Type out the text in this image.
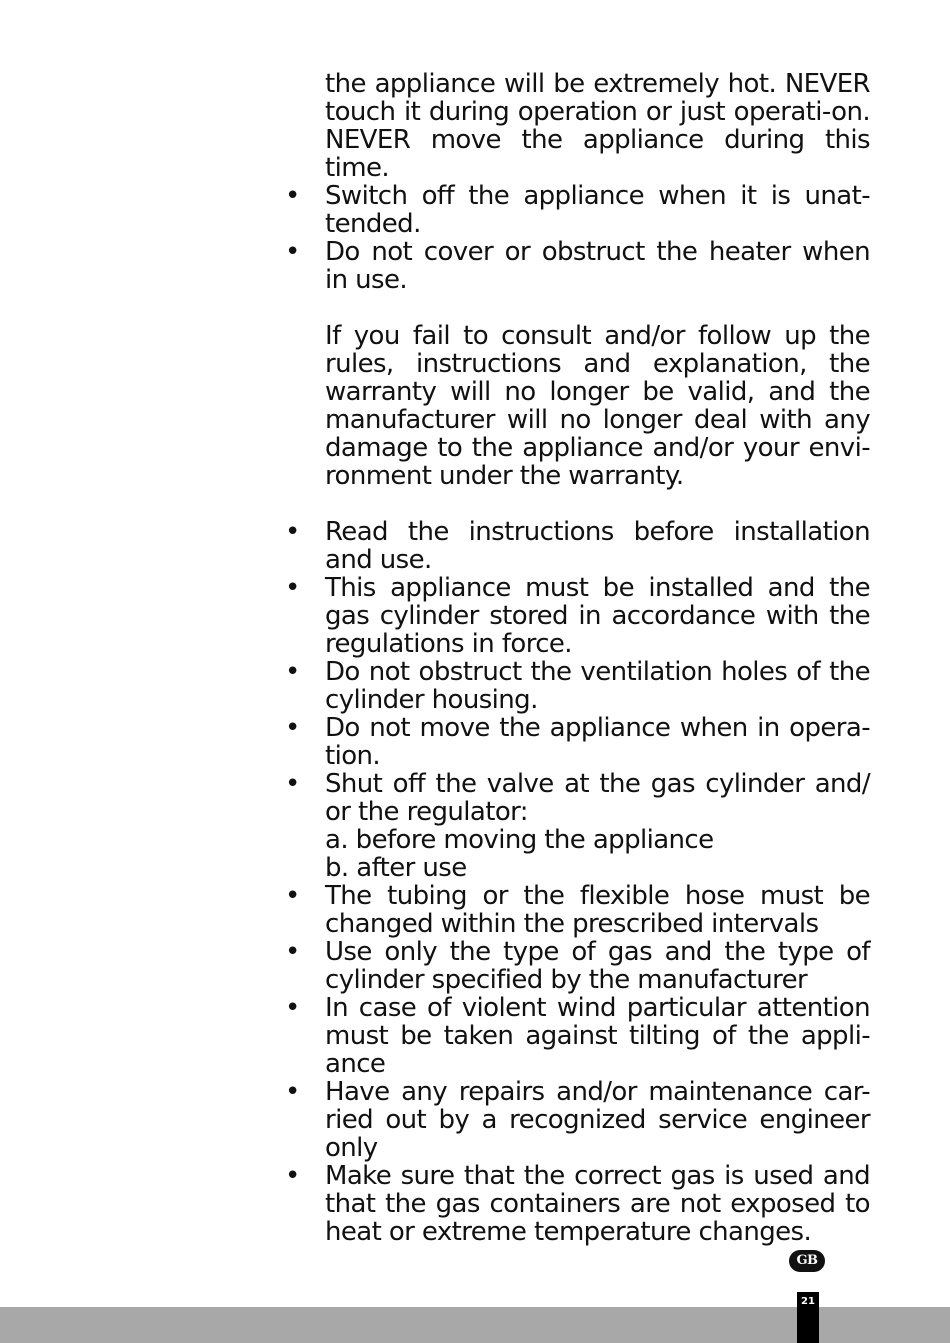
the appliance will be extremely hot. NEVER touch it during operation or just operati-on. NEVER move the appliance during this time.

• Switch off the appliance when it is unat-tended.

• Do not cover or obstruct the heater when in use.

If you fail to consult and/or follow up the rules, instructions and explanation, the warranty will no longer be valid, and the manufacturer will no longer deal with any damage to the appliance and/or your envi-ronment under the warranty.

• Read the instructions before installation and use.

• This appliance must be installed and the gas cylinder stored in accordance with the regulations in force.

• Do not obstruct the ventilation holes of the cylinder housing.

• Do not move the appliance when in opera-tion.

• Shut off the valve at the gas cylinder and/ or the regulator:

a. before moving the appliance

b. after use

• The tubing or the flexible hose must be changed within the prescribed intervals

• Use only the type of gas and the type of cylinder specified by the manufacturer

• In case of violent wind particular attention must be taken against tilting of the appli-ance

• Have any repairs and/or maintenance car-ried out by a recognized service engineer only

• Make sure that the correct gas is used and that the gas containers are not exposed to heat or extreme temperature changes.

GB
21
